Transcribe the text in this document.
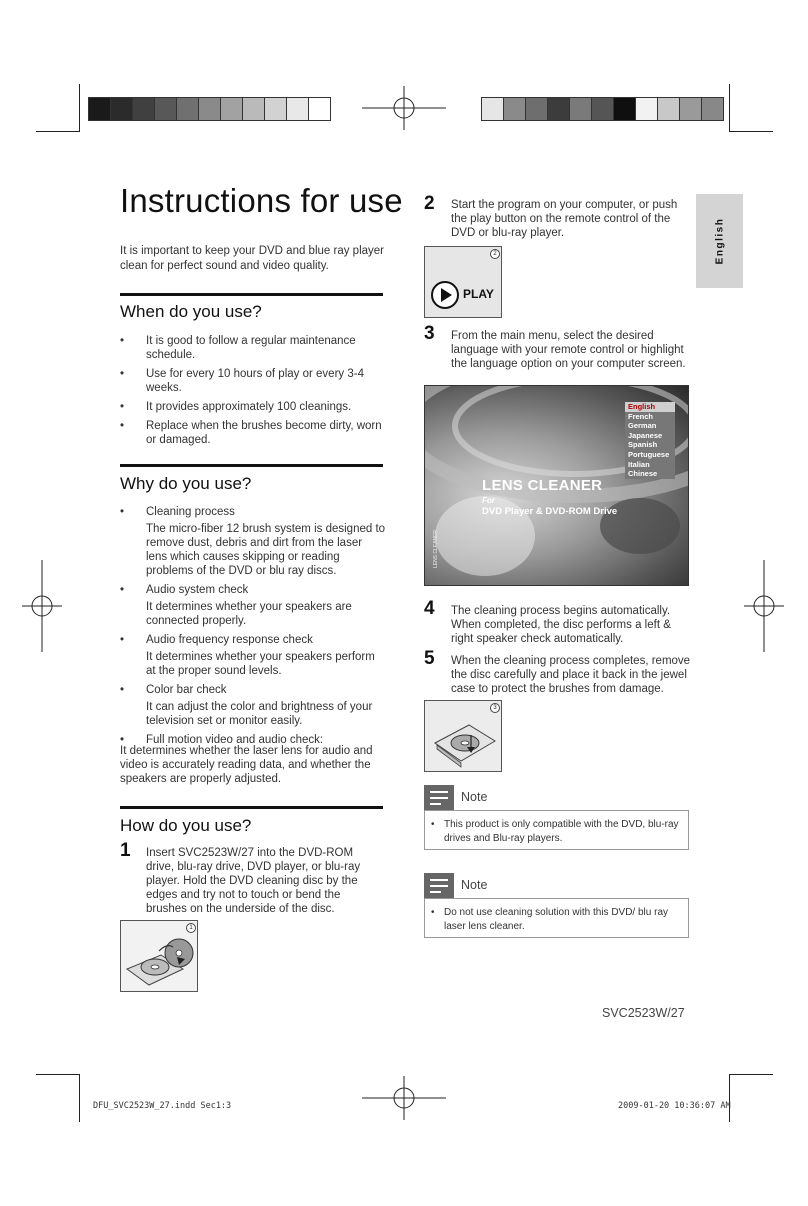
English
Instructions for use

It is important to keep your DVD and blue ray player clean for perfect sound and video quality.

When do you use?
• It is good to follow a regular maintenance schedule.
• Use for every 10 hours of play or every 3-4 weeks.
• It provides approximately 100 cleanings.
• Replace when the brushes become dirty, worn or damaged.
Why do you use?
• Cleaning process
The micro-fiber 12 brush system is designed to remove dust, debris and dirt from the laser lens which causes skipping or reading problems of the DVD or blu ray discs.
• Audio system check
It determines whether your speakers are connected properly.
• Audio frequency response check
It determines whether your speakers perform at the proper sound levels.
• Color bar check
It can adjust the color and brightness of your television set or monitor easily.
• Full motion video and audio check:

It determines whether the laser lens for audio and video is accurately reading data, and whether the speakers are properly adjusted.

How do you use?
1 Insert SVC2523W/27 into the DVD-ROM drive, blu-ray drive, DVD player, or blu-ray player. Hold the DVD cleaning disc by the edges and try not to touch or bend the brushes on the underside of the disc.

1
2 Start the program on your computer, or push the play button on the remote control of the DVD or blu-ray player.

2
PLAY
3 From the main menu, select the desired language with your remote control or highlight the language option on your computer screen.

English
French
German
Japanese
Spanish
Portuguese
Italian
Chinese
LENS CLEANER
For
DVD Player & DVD-ROM Drive
LENS CLEANER
4 The cleaning process begins automatically. When completed, the disc performs a left & right speaker check automatically.

5 When the cleaning process completes, remove the disc carefully and place it back in the jewel case to protect the brushes from damage.

3
Note

• This product is only compatible with the DVD, blu-ray drives and Blu-ray players.

Note

• Do not use cleaning solution with this DVD/ blu ray laser lens cleaner.

SVC2523W/27
DFU_SVC2523W_27.indd Sec1:3	2009-01-20 10:36:07 AM
